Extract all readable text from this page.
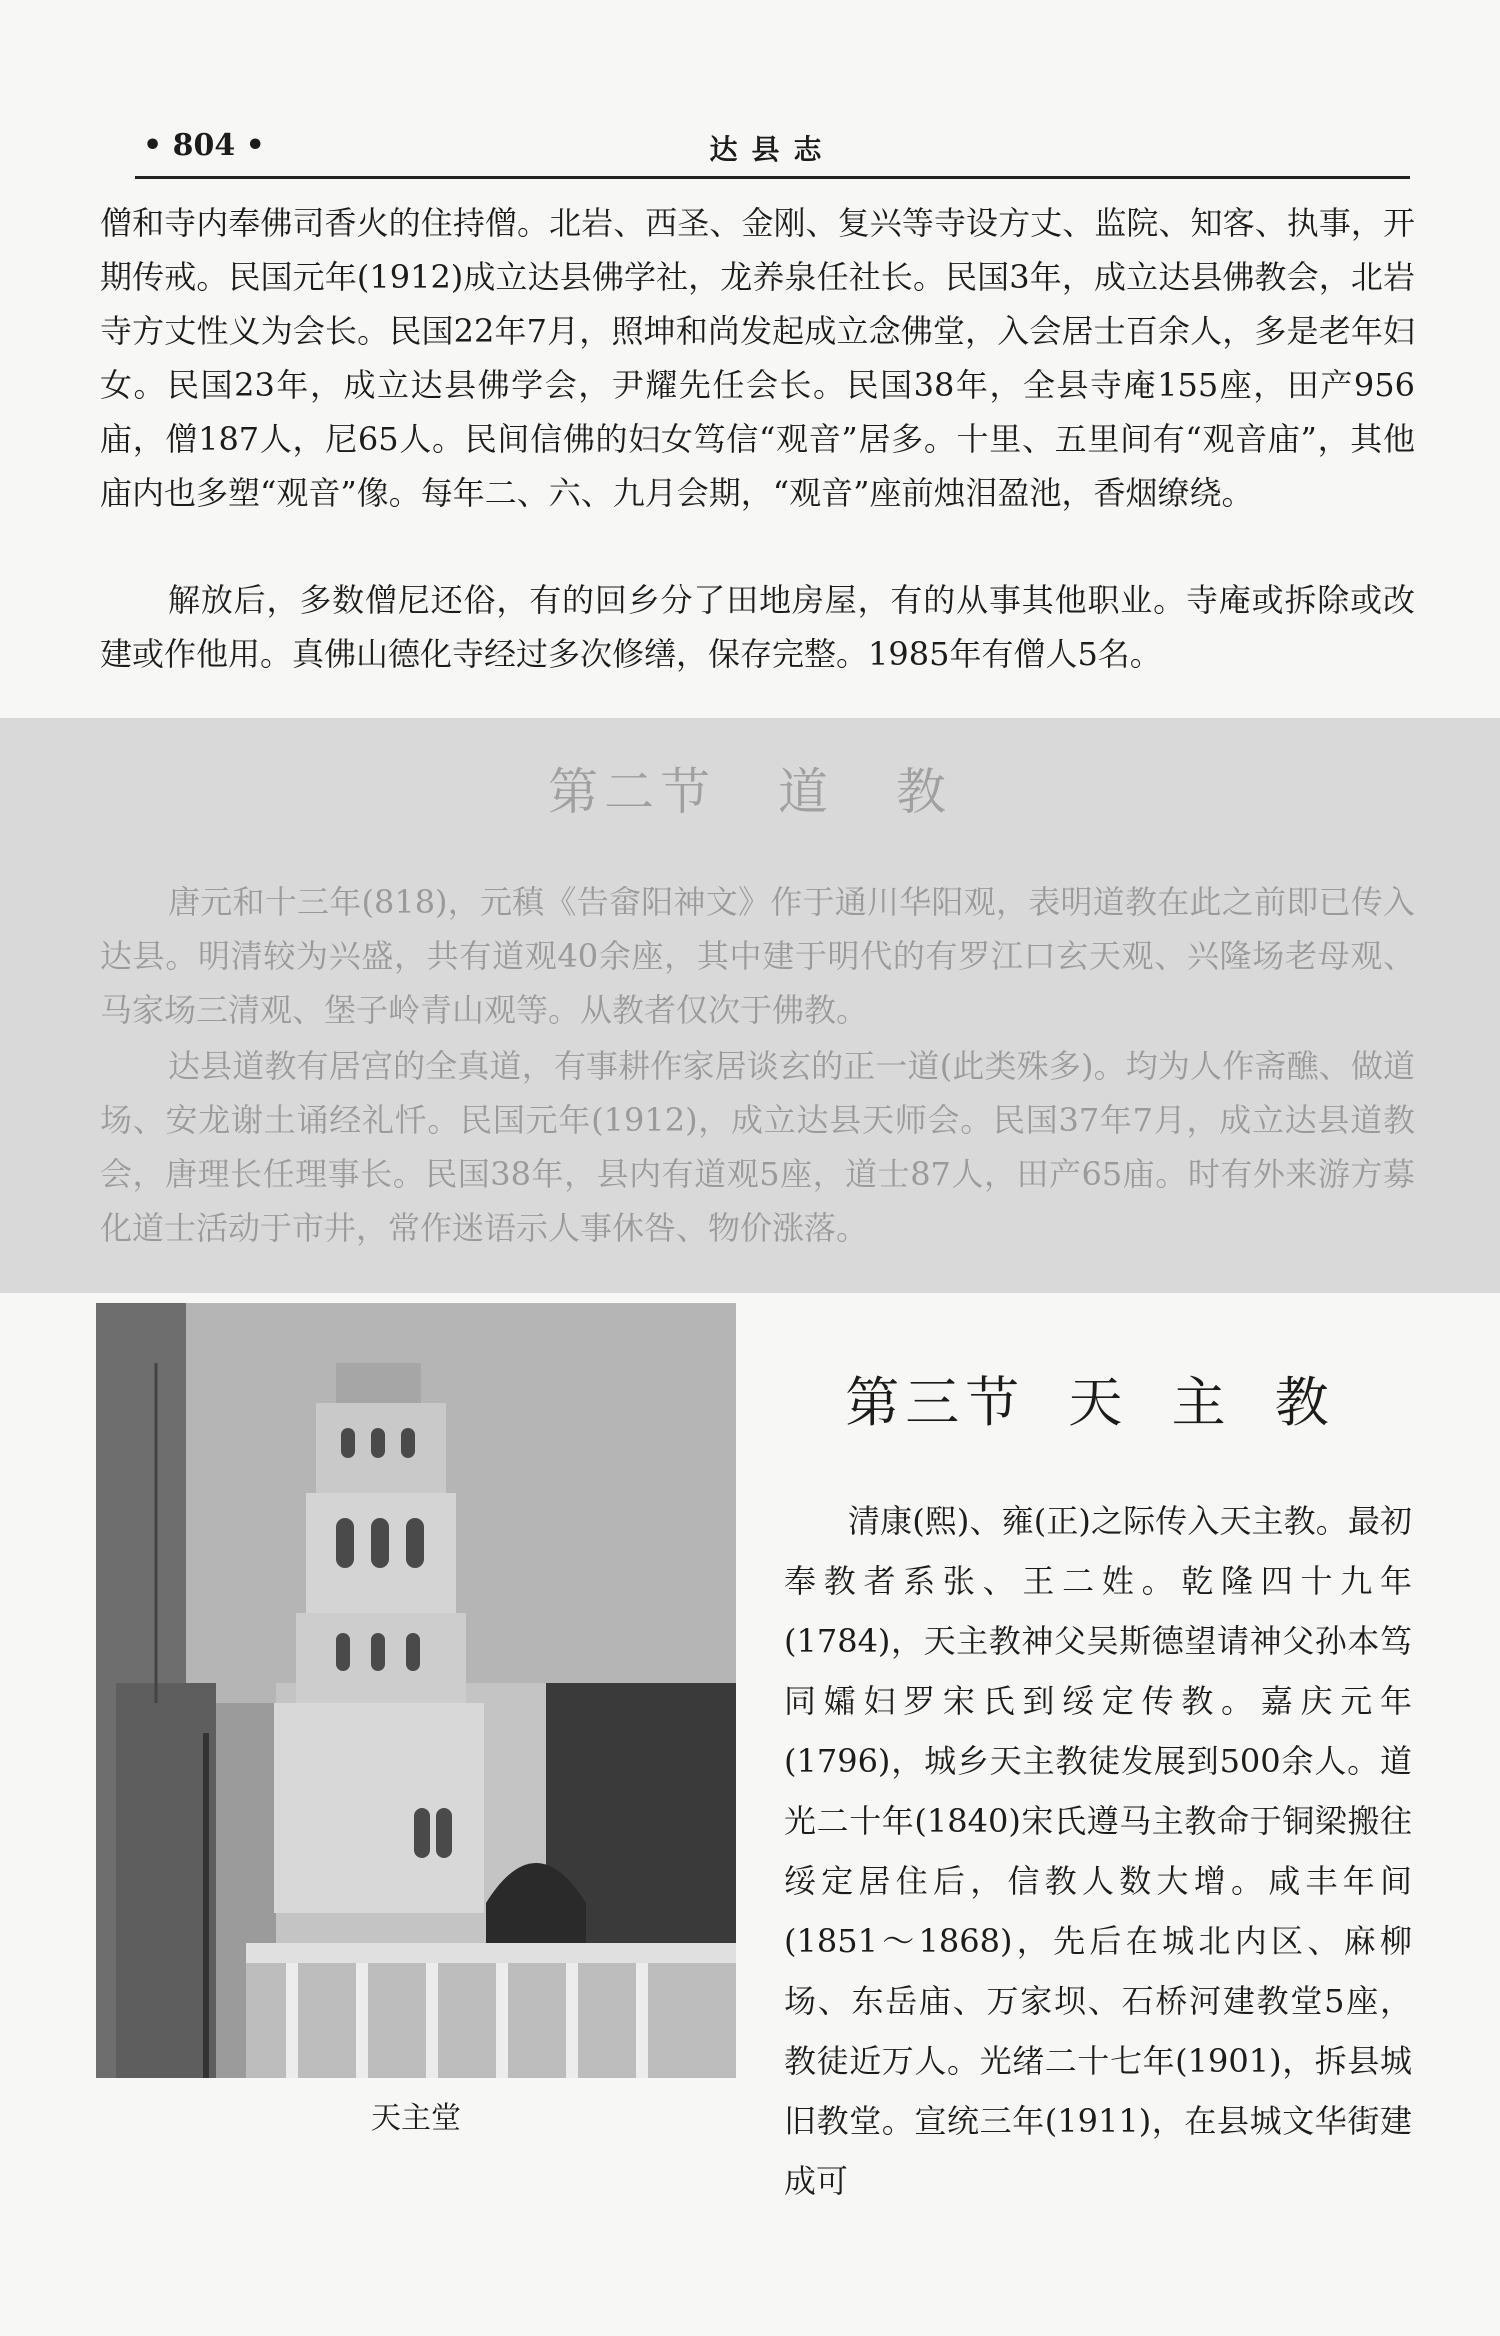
• 804 •	达县志

僧和寺内奉佛司香火的住持僧。北岩、西圣、金刚、复兴等寺设方丈、监院、知客、执事，开期传戒。民国元年(1912)成立达县佛学社，龙养泉任社长。民国3年，成立达县佛教会，北岩寺方丈性义为会长。民国22年7月，照坤和尚发起成立念佛堂，入会居士百余人，多是老年妇女。民国23年，成立达县佛学会，尹耀先任会长。民国38年，全县寺庵155座，田产956庙，僧187人，尼65人。民间信佛的妇女笃信“观音”居多。十里、五里间有“观音庙”，其他庙内也多塑“观音”像。每年二、六、九月会期，“观音”座前烛泪盈池，香烟缭绕。

解放后，多数僧尼还俗，有的回乡分了田地房屋，有的从事其他职业。寺庵或拆除或改建或作他用。真佛山德化寺经过多次修缮，保存完整。1985年有僧人5名。

第二节 道 教

唐元和十三年(818)，元稹《告畲阳神文》作于通川华阳观，表明道教在此之前即已传入达县。明清较为兴盛，共有道观40余座，其中建于明代的有罗江口玄天观、兴隆场老母观、马家场三清观、堡子岭青山观等。从教者仅次于佛教。

达县道教有居宫的全真道，有事耕作家居谈玄的正一道(此类殊多)。均为人作斋醮、做道场、安龙谢土诵经礼忏。民国元年(1912)，成立达县天师会。民国37年7月，成立达县道教会，唐理长任理事长。民国38年，县内有道观5座，道士87人，田产65庙。时有外来游方募化道士活动于市井，常作迷语示人事休咎、物价涨落。

天主堂
第三节 天 主 教

清康(熙)、雍(正)之际传入天主教。最初奉教者系张、王二姓。乾隆四十九年(1784)，天主教神父吴斯德望请神父孙本笃同孀妇罗宋氏到绥定传教。嘉庆元年(1796)，城乡天主教徒发展到500余人。道光二十年(1840)宋氏遵马主教命于铜梁搬往绥定居住后，信教人数大增。咸丰年间(1851～1868)，先后在城北内区、麻柳场、东岳庙、万家坝、石桥河建教堂5座，教徒近万人。光绪二十七年(1901)，拆县城旧教堂。宣统三年(1911)，在县城文华街建成可
